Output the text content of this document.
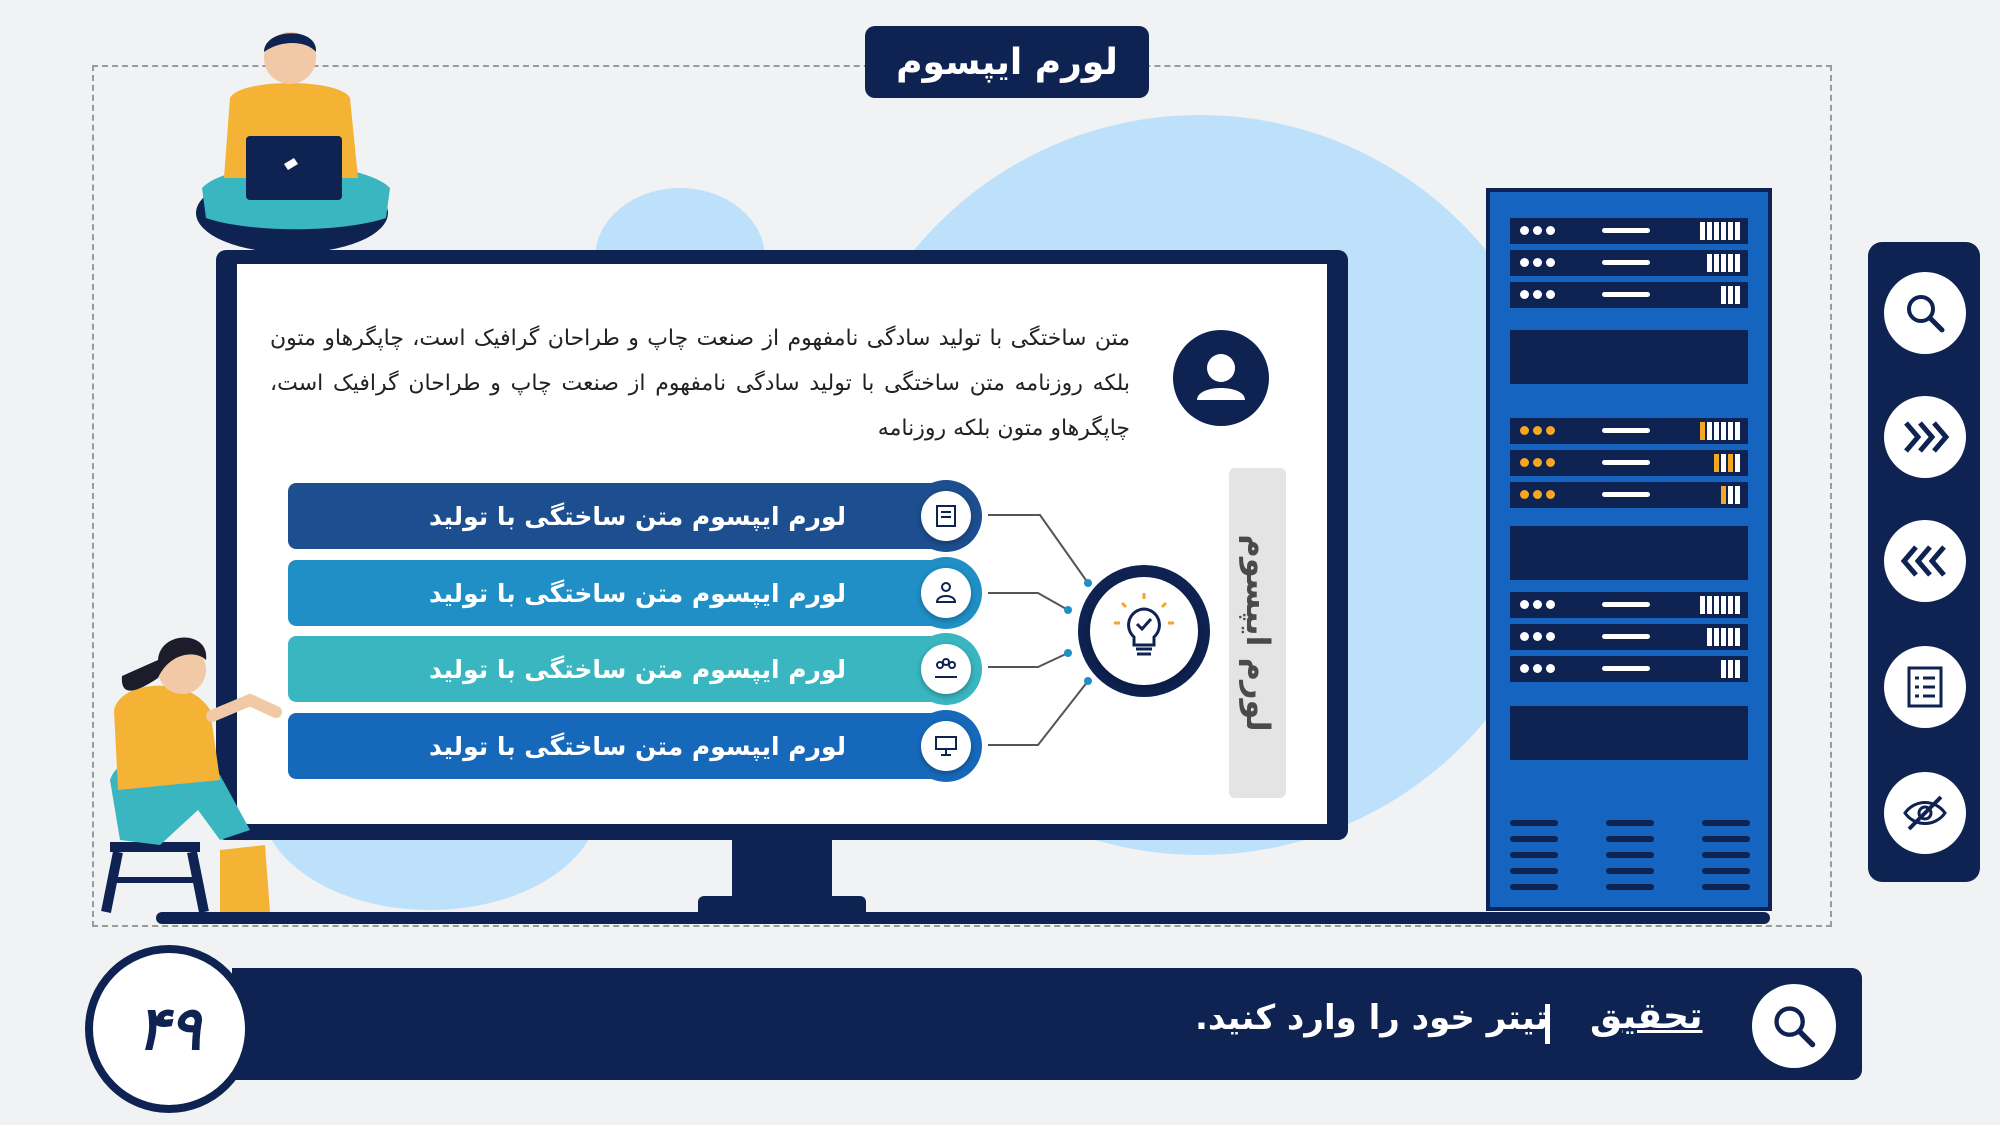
لورم ایپسوم
متن ساختگی با تولید سادگی نامفهوم از صنعت چاپ و طراحان گرافیک است، چاپگرهاو متون بلکه روزنامه متن ساختگی با تولید سادگی نامفهوم از صنعت چاپ و طراحان گرافیک است، چاپگرهاو متون بلکه روزنامه
لورم ایپسوم
لورم ایپسوم متن ساختگی با تولید
لورم ایپسوم متن ساختگی با تولید
لورم ایپسوم متن ساختگی با تولید
لورم ایپسوم متن ساختگی با تولید
۴۹	تحقیق
تیتر خود را وارد کنید.
